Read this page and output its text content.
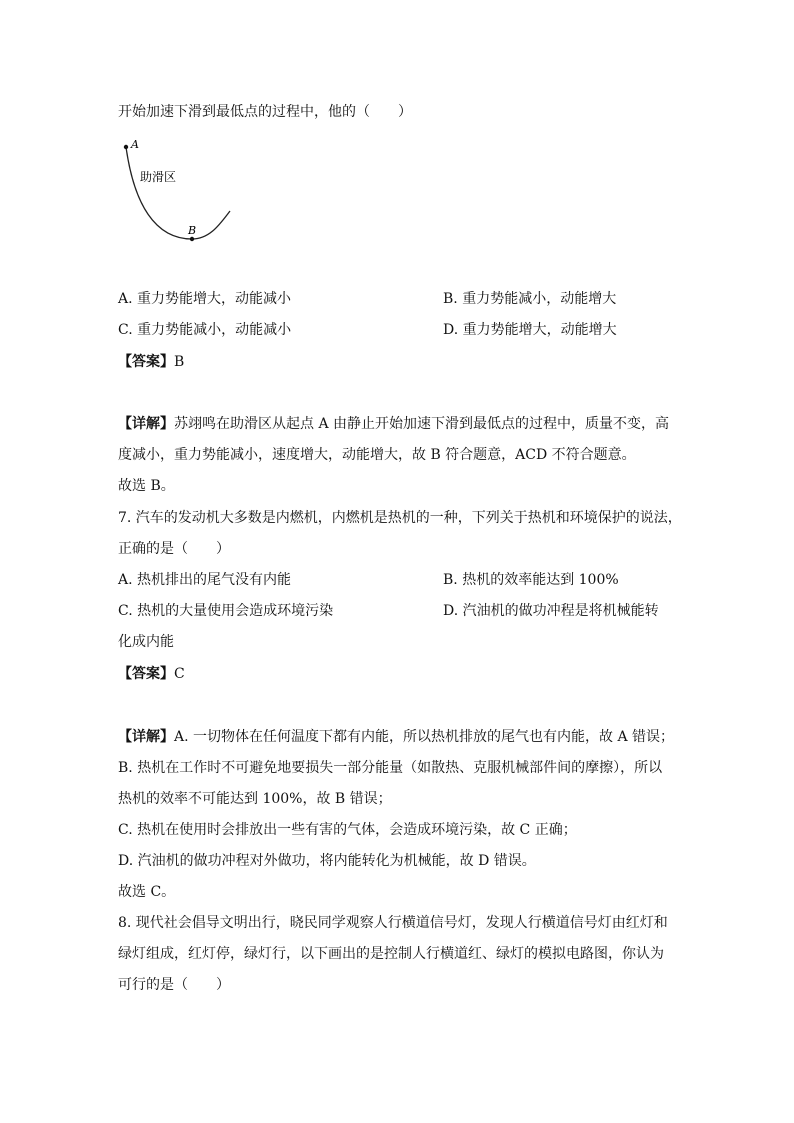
开始加速下滑到最低点的过程中，他的（　　）
A
B
助滑区
A. 重力势能增大，动能减小	B. 重力势能减小，动能增大
C. 重力势能减小，动能减小	D. 重力势能增大，动能增大
【答案】B
【详解】苏翊鸣在助滑区从起点 A 由静止开始加速下滑到最低点的过程中，质量不变，高
度减小，重力势能减小，速度增大，动能增大，故 B 符合题意，ACD 不符合题意。
故选 B。
7. 汽车的发动机大多数是内燃机，内燃机是热机的一种，下列关于热机和环境保护的说法，
正确的是（　　）
A. 热机排出的尾气没有内能	B. 热机的效率能达到 100%
C. 热机的大量使用会造成环境污染	D. 汽油机的做功冲程是将机械能转
化成内能
【答案】C
【详解】A. 一切物体在任何温度下都有内能，所以热机排放的尾气也有内能，故 A 错误；
B. 热机在工作时不可避免地要损失一部分能量（如散热、克服机械部件间的摩擦），所以
热机的效率不可能达到 100%，故 B 错误；
C. 热机在使用时会排放出一些有害的气体，会造成环境污染，故 C 正确；
D. 汽油机的做功冲程对外做功，将内能转化为机械能，故 D 错误。
故选 C。
8. 现代社会倡导文明出行，晓民同学观察人行横道信号灯，发现人行横道信号灯由红灯和
绿灯组成，红灯停，绿灯行，以下画出的是控制人行横道红、绿灯的模拟电路图，你认为
可行的是（　　）
